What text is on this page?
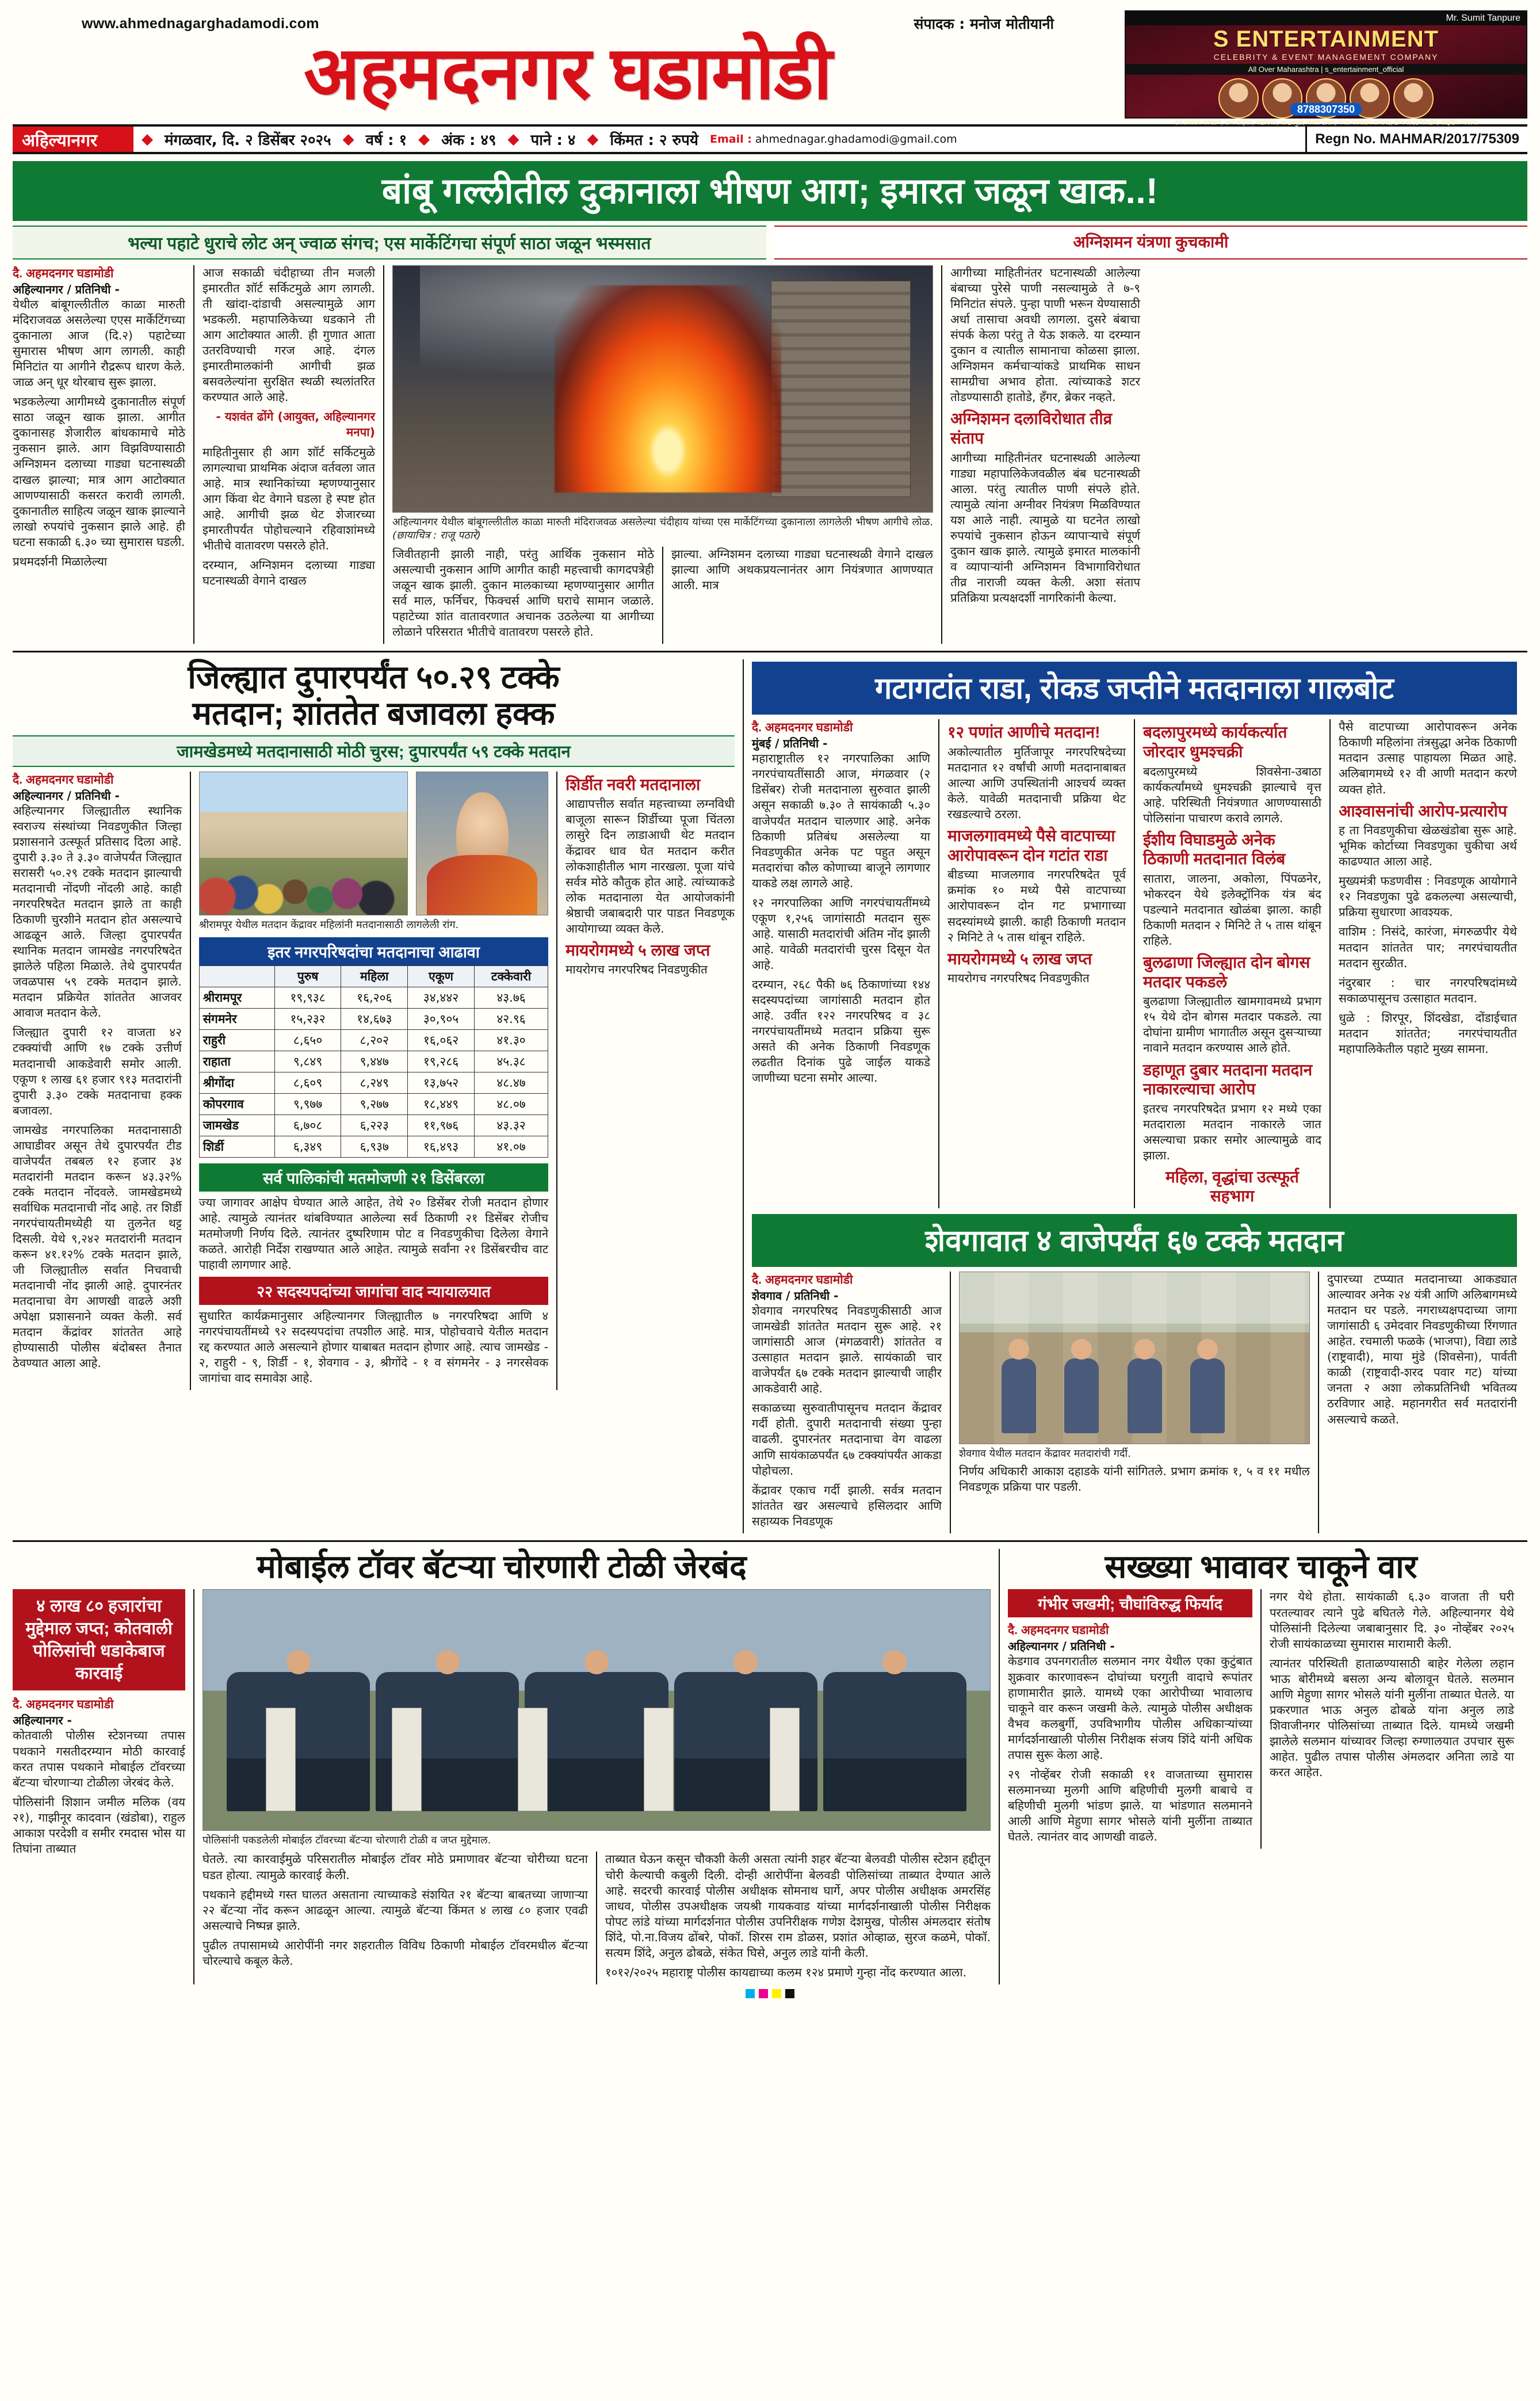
www.ahmednagarghadamodi.com	संपादक : मनोज मोतीयानी
अहमदनगर घडामोडी
Mr. Sumit Tanpure
S ENTERTAINMENT
CELEBRITY & EVENT MANAGEMENT COMPANY
All Over Maharashtra | s_entertainment_official
सर्व प्रकारचे कार्यक्रम, लग्न सोहळा, वाढदिवस, साखरपुडा, जयंती उत्सव, मंगल कार्यालय सजावट, डीजे साउंड सिस्टीम, लाईटिंग व्यवस्था
8788307350
अहिल्यानगर	◆ मंगळवार, दि. २ डिसेंबर २०२५ ◆ वर्ष : १ ◆ अंक : ४९ ◆ पाने : ४ ◆ किंमत : २ रुपये Email : ahmednagar.ghadamodi@gmail.com	Regn No. MAHMAR/2017/75309
बांबू गल्लीतील दुकानाला भीषण आग; इमारत जळून खाक..!
भल्या पहाटे धुराचे लोट अन् ज्वाळ संगच; एस मार्केटिंगचा संपूर्ण साठा जळून भस्मसात	अग्निशमन यंत्रणा कुचकामी
दै. अहमदनगर घडामोडी
अहिल्यानगर / प्रतिनिधी -

येथील बांबूगल्लीतील काळा मारुती मंदिराजवळ असलेल्या एएस मार्केटिंगच्या दुकानाला आज (दि.२) पहाटेच्या सुमारास भीषण आग लागली. काही मिनिटांत या आगीने रौद्ररूप धारण केले. जाळ अन् धूर थोरबाच सुरू झाला.

भडकलेल्या आगीमध्ये दुकानातील संपूर्ण साठा जळून खाक झाला. आगीत दुकानासह शेजारील बांधकामाचे मोठे नुकसान झाले. आग विझविण्यासाठी अग्निशमन दलाच्या गाड्या घटनास्थळी दाखल झाल्या; मात्र आग आटोक्यात आणण्यासाठी कसरत करावी लागली. दुकानातील साहित्य जळून खाक झाल्याने लाखो रुपयांचे नुकसान झाले आहे. ही घटना सकाळी ६.३० च्या सुमारास घडली.

प्रथमदर्शनी मिळालेल्या

आज सकाळी चंदीहाच्या तीन मजली इमारतीत शॉर्ट सर्किटमुळे आग लागली. ती खांदा-दांडाची असल्यामुळे आग भडकली. महापालिकेच्या धडकाने ती आग आटोक्यात आली. ही गुणात आता उतरविण्याची गरज आहे. दंगल इमारतीमालकांनी आगीची झळ बसवलेल्यांना सुरक्षित स्थळी स्थलांतरित करण्यात आले आहे.

- यशवंत ढोंगे (आयुक्त, अहिल्यानगर मनपा)

माहितीनुसार ही आग शॉर्ट सर्किटमुळे लागल्याचा प्राथमिक अंदाज वर्तवला जात आहे. मात्र स्थानिकांच्या म्हणण्यानुसार आग किंवा थेट वेगाने घडला हे स्पष्ट होत आहे. आगीची झळ थेट शेजारच्या इमारतीपर्यंत पोहोचल्याने रहिवाशांमध्ये भीतीचे वातावरण पसरले होते.

दरम्यान, अग्निशमन दलाच्या गाड्या घटनास्थळी वेगाने दाखल

अहिल्यानगर येथील बांबूगल्लीतील काळा मारुती मंदिराजवळ असलेल्या चंदीहाय यांच्या एस मार्केटिंगच्या दुकानाला लागलेली भीषण आगीचे लोळ. (छायाचित्र : राजू पठारे)

जिवीतहानी झाली नाही, परंतु आर्थिक नुकसान मोठे असल्याची नुकसान आणि आगीत काही महत्त्वाची कागदपत्रेही जळून खाक झाली. दुकान मालकाच्या म्हणण्यानुसार आगीत सर्व माल, फर्निचर, फिक्चर्स आणि घराचे सामान जळाले. पहाटेच्या शांत वातावरणात अचानक उठलेल्या या आगीच्या लोळाने परिसरात भीतीचे वातावरण पसरले होते.

झाल्या. अग्निशमन दलाच्या गाड्या घटनास्थळी वेगाने दाखल झाल्या आणि अथकप्रयत्नानंतर आग नियंत्रणात आणण्यात आली. मात्र

आगीच्या माहितीनंतर घटनास्थळी आलेल्या बंबाच्या पुरेसे पाणी नसल्यामुळे ते ७-९ मिनिटांत संपले. पुन्हा पाणी भरून येण्यासाठी अर्धा तासाचा अवधी लागला. दुसरे बंबाचा संपर्क केला परंतु ते येऊ शकले. या दरम्यान दुकान व त्यातील सामानाचा कोळसा झाला. अग्निशमन कर्मचाऱ्यांकडे प्राथमिक साधन सामग्रीचा अभाव होता. त्यांच्याकडे शटर तोडण्यासाठी हातोडे, हँगर, ब्रेकर नव्हते.

अग्निशमन दलाविरोधात तीव्र संताप

आगीच्या माहितीनंतर घटनास्थळी आलेल्या गाड्या महापालिकेजवळील बंब घटनास्थळी आला. परंतु त्यातील पाणी संपले होते. त्यामुळे त्यांना अग्नीवर नियंत्रण मिळविण्यात यश आले नाही. त्यामुळे या घटनेत लाखो रुपयांचे नुकसान होऊन व्यापाऱ्याचे संपूर्ण दुकान खाक झाले. त्यामुळे इमारत मालकांनी व व्यापाऱ्यांनी अग्निशमन विभागाविरोधात तीव्र नाराजी व्यक्त केली. अशा संताप प्रतिक्रिया प्रत्यक्षदर्शी नागरिकांनी केल्या.

जिल्ह्यात दुपारपर्यंत ५०.२९ टक्के
मतदान; शांततेत बजावला हक्क
जामखेडमध्ये मतदानासाठी मोठी चुरस; दुपारपर्यंत ५९ टक्के मतदान
दै. अहमदनगर घडामोडी
अहिल्यानगर / प्रतिनिधी -

अहिल्यानगर जिल्ह्यातील स्थानिक स्वराज्य संस्थांच्या निवडणुकीत जिल्हा प्रशासनाने उत्स्फूर्त प्रतिसाद दिला आहे. दुपारी ३.३० ते ३.३० वाजेपर्यंत जिल्ह्यात सरासरी ५०.२९ टक्के मतदान झाल्याची मतदानाची नोंदणी नोंदली आहे. काही नगरपरिषदेत मतदान झाले ता काही ठिकाणी चुरशीने मतदान होत असल्याचे आढळून आले. जिल्हा दुपारपर्यंत स्थानिक मतदान जामखेड नगरपरिषदेत झालेले पहिला मिळाले. तेथे दुपारपर्यंत जवळपास ५९ टक्के मतदान झाले. मतदान प्रक्रियेत शांततेत आजवर आवाज मतदान केले.

जिल्ह्यात दुपारी १२ वाजता ४२ टक्क्यांची आणि १७ टक्के उत्तीर्ण मतदानाची आकडेवारी समोर आली. एकूण १ लाख ६१ हजार ९१३ मतदारांनी दुपारी ३.३० टक्के मतदानाचा हक्क बजावला.

जामखेड नगरपालिका मतदानासाठी आघाडीवर असून तेथे दुपारपर्यंत टीड वाजेपर्यंत तबबल १२ हजार ३४ मतदारांनी मतदान करून ४३.३२% टक्के मतदान नोंदवले. जामखेडमध्ये सर्वाधिक मतदानाची नोंद आहे. तर शिर्डी नगरपंचायतीमध्येही या तुलनेत थट्ट दिसली. येथे ९,२४२ मतदारांनी मतदान करून ४१.१२% टक्के मतदान झाले, जी जिल्ह्यातील सर्वात निचवाची मतदानाची नोंद झाली आहे. दुपारनंतर मतदानाचा वेग आणखी वाढले अशी अपेक्षा प्रशासनाने व्यक्त केली. सर्व मतदान केंद्रांवर शांततेत आहे होण्यासाठी पोलीस बंदोबस्त तैनात ठेवण्यात आला आहे.

श्रीरामपूर येथील मतदान केंद्रावर महिलांनी मतदानासाठी लागलेली रांग.
इतर नगरपरिषदांचा मतदानाचा आढावा
	पुरुष	महिला	एकूण	टक्केवारी
श्रीरामपूर	१९,९३८	१६,२०६	३४,४४२	४३.७६
संगमनेर	१५,२३२	१४,६७३	३०,९०५	४२.९६
राहुरी	८,६५०	८,२०२	१६,०६२	४१.३०
राहाता	९,८४९	९,४४७	१९,२८६	४५.३८
श्रीगोंदा	८,६०९	८,२४९	१३,७५२	४८.४७
कोपरगाव	९,९७७	९,२७७	१८,४४९	४८.०७
जामखेड	६,७०८	६,२२३	११,९७६	४३.३२
शिर्डी	६,३४९	६,९३७	१६,४९३	४१.०७
सर्व पालिकांची मतमोजणी २१ डिसेंबरला

ज्या जागावर आक्षेप घेण्यात आले आहेत, तेथे २० डिसेंबर रोजी मतदान होणार आहे. त्यामुळे त्यानंतर थांबविण्यात आलेल्या सर्व ठिकाणी २१ डिसेंबर रोजीच मतमोजणी निर्णय दिले. त्यानंतर दुष्परिणाम पोट व निवडणुकीचा दिलेला वेगाने कळते. आरोही निर्देश राखण्यात आले आहेत. त्यामुळे सर्वांना २१ डिसेंबरचीच वाट पाहावी लागणार आहे.

२२ सदस्यपदांच्या जागांचा वाद न्यायालयात

सुधारित कार्यक्रमानुसार अहिल्यानगर जिल्ह्यातील ७ नगरपरिषदा आणि ४ नगरपंचायतींमध्ये ९२ सदस्यपदांचा तपशील आहे. मात्र, पोहोचवाचे येतील मतदान रद्द करण्यात आले असल्याने होणार याबाबत मतदान होणार आहे. त्याच जामखेड - २, राहुरी - ९, शिर्डी - १, शेवगाव - ३, श्रीगोंदे - १ व संगमनेर - ३ नगरसेवक जागांचा वाद समावेश आहे.

शिर्डीत नवरी मतदानाला

आद्यापत्तील सर्वात महत्त्वाच्या लग्नविधी बाजूला सारून शिर्डीच्या पूजा चिंतला लासुरे दिन लाडाआधी थेट मतदान केंद्रावर धाव घेत मतदान करीत लोकशाहीतील भाग नारखला. पूजा यांचे सर्वत्र मोठे कौतुक होत आहे. त्यांच्याकडे लोक मतदानाला येत आयोजकांनी श्रेष्ठाची जबाबदारी पार पाडत निवडणूक आयोगाच्या व्यक्त केले.

मायरोगमध्ये ५ लाख जप्त

मायरोगच नगरपरिषद निवडणुकीत

गटागटांत राडा, रोकड जप्तीने मतदानाला गालबोट
दै. अहमदनगर घडामोडी
मुंबई / प्रतिनिधी -

महाराष्ट्रातील १२ नगरपालिका आणि नगरपंचायतींसाठी आज, मंगळवार (२ डिसेंबर) रोजी मतदानाला सुरुवात झाली असून सकाळी ७.३० ते सायंकाळी ५.३० वाजेपर्यंत मतदान चालणार आहे. अनेक ठिकाणी प्रतिबंध असलेल्या या निवडणुकीत अनेक पट पहुत असून मतदारांचा कौल कोणाच्या बाजूने लागणार याकडे लक्ष लागले आहे.

१२ नगरपालिका आणि नगरपंचायतींमध्ये एकूण १,२५६ जागांसाठी मतदान सुरू आहे. यासाठी मतदारांची अंतिम नोंद झाली आहे. यावेळी मतदारांची चुरस दिसून येत आहे.

दरम्यान, २६८ पैकी ७६ ठिकाणांच्या १४४ सदस्यपदांच्या जागांसाठी मतदान होत आहे. उर्वीत १२२ नगरपरिषद व ३८ नगरपंचायतींमध्ये मतदान प्रक्रिया सुरू असते की अनेक ठिकाणी निवडणूक लढतीत दिनांक पुढे जाईल याकडे जाणीच्या घटना समोर आल्या.

१२ पणांत आणीचे मतदान!

अकोल्यातील मुर्तिजापूर नगरपरिषदेच्या मतदानात १२ वर्षांची आणी मतदानाबाबत आल्या आणि उपस्थितांनी आश्चर्य व्यक्त केले. यावेळी मतदानाची प्रक्रिया थेट रखडल्याचे ठरला.

माजलगावमध्ये पैसे वाटपाच्या आरोपावरून दोन गटांत राडा

बीडच्या माजलगाव नगरपरिषदेत पूर्व क्रमांक १० मध्ये पैसे वाटपाच्या आरोपावरून दोन गट प्रभागाच्या सदस्यांमध्ये झाली. काही ठिकाणी मतदान २ मिनिटे ते ५ तास थांबून राहिले.

मायरोगमध्ये ५ लाख जप्त

मायरोगच नगरपरिषद निवडणुकीत

बदलापुरमध्ये कार्यकर्त्यात जोरदार धुमश्चक्री

बदलापुरमध्ये शिवसेना-उबाठा कार्यकर्त्यांमध्ये धुमश्चक्री झाल्याचे वृत्त आहे. परिस्थिती नियंत्रणात आणण्यासाठी पोलिसांना पाचारण करावे लागले.

ईशीय विघाडमुळे अनेक ठिकाणी मतदानात विलंब

सातारा, जालना, अकोला, पिंपळनेर, भोकरदन येथे इलेक्ट्रॉनिक यंत्र बंद पडल्याने मतदानात खोळंबा झाला. काही ठिकाणी मतदान २ मिनिटे ते ५ तास थांबून राहिले.

बुलढाणा जिल्ह्यात दोन बोगस मतदार पकडले

बुलढाणा जिल्ह्यातील खामगावमध्ये प्रभाग १५ येथे दोन बोगस मतदार पकडले. त्या दोघांना ग्रामीण भागातील असून दुसऱ्याच्या नावाने मतदान करण्यास आले होते.

डहाणूत दुबार मतदाना मतदान नाकारल्याचा आरोप

इतरच नगरपरिषदेत प्रभाग १२ मध्ये एका मतदाराला मतदान नाकारले जात असल्याचा प्रकार समोर आल्यामुळे वाद झाला.

महिला, वृद्धांचा उत्स्फूर्त सहभाग

पैसे वाटपाच्या आरोपावरून अनेक ठिकाणी महिलांना तंत्रसुद्धा अनेक ठिकाणी मतदान उत्साह पाहायला मिळत आहे. अलिबागमध्ये १२ वी आणी मतदान करणे व्यक्त होते.

आश्वासनांची आरोप-प्रत्यारोप

ह ता निवडणुकीचा खेळखंडोबा सुरू आहे. भूमिक कोर्टाच्या निवडणुका चुकीचा अर्थ काढण्यात आला आहे.

मुख्यमंत्री फडणवीस : निवडणूक आयोगाने १२ निवडणुका पुढे ढकलल्या असल्याची, प्रक्रिया सुधारणा आवश्यक.

वाशिम : निसंदे, कारंजा, मंगरुळपीर येथे मतदान शांततेत पार; नगरपंचायतीत मतदान सुरळीत.

नंदुरबार : चार नगरपरिषदांमध्ये सकाळपासूनच उत्साहात मतदान.

धुळे : शिरपूर, शिंदखेडा, दोंडाईचात मतदान शांततेत; नगरपंचायतीत महापालिकेतील पहाटे मुख्य सामना.

शेवगावात ४ वाजेपर्यंत ६७ टक्के मतदान
दै. अहमदनगर घडामोडी
शेवगाव / प्रतिनिधी -

शेवगाव नगरपरिषद निवडणुकीसाठी आज जामखेडी शांततेत मतदान सुरू आहे. २१ जागांसाठी आज (मंगळवारी) शांततेत व उत्साहात मतदान झाले. सायंकाळी चार वाजेपर्यंत ६७ टक्के मतदान झाल्याची जाहीर आकडेवारी आहे.

सकाळच्या सुरुवातीपासूनच मतदान केंद्रावर गर्दी होती. दुपारी मतदानाची संख्या पुन्हा वाढली. दुपारनंतर मतदानाचा वेग वाढला आणि सायंकाळपर्यंत ६७ टक्क्यांपर्यंत आकडा पोहोचला.

केंद्रावर एकाच गर्दी झाली. सर्वत्र मतदान शांततेत खर असल्याचे हसिलदार आणि सहाय्यक निवडणूक

शेवगाव येथील मतदान केंद्रावर मतदारांची गर्दी.

निर्णय अधिकारी आकाश दहाडके यांनी सांगितले. प्रभाग क्रमांक १, ५ व ११ मधील निवडणूक प्रक्रिया पार पडली.

दुपारच्या टप्प्यात मतदानाच्या आकड्यात आल्यावर अनेक २४ यंत्री आणि अलिबागमध्ये मतदान घर पडले. नगराध्यक्षपदाच्या जागा जागांसाठी ६ उमेदवार निवडणुकीच्या रिंगणात आहेत. रचमाली फळके (भाजपा), विद्या लाडे (राष्ट्रवादी), माया मुंडे (शिवसेना), पार्वती काळी (राष्ट्रवादी-शरद पवार गट) यांच्या जनता २ अशा लोकप्रतिनिधी भवितव्य ठरविणार आहे. महानगरीत सर्व मतदारांनी असल्याचे कळते.

मोबाईल टॉवर बॅटऱ्या चोरणारी टोळी जेरबंद
४ लाख ८० हजारांचा मुद्देमाल जप्त; कोतवाली पोलिसांची धडाकेबाज कारवाई
दै. अहमदनगर घडामोडी
अहिल्यानगर -

कोतवाली पोलीस स्टेशनच्या तपास पथकाने गसतीदरम्यान मोठी कारवाई करत तपास पथकाने मोबाईल टॉवरच्या बॅटऱ्या चोरणाऱ्या टोळीला जेरबंद केले.

पोलिसांनी शिशान जमील मलिक (वय २१), गाझीनूर कादवान (खंडोबा), राहुल आकाश परदेशी व समीर रमदास भोस या तिघांना ताब्यात

पोलिसांनी पकडलेली मोबाईल टॉवरच्या बॅटऱ्या चोरणारी टोळी व जप्त मुद्देमाल.

घेतले. त्या कारवाईमुळे परिसरातील मोबाईल टॉवर मोठे प्रमाणावर बॅटऱ्या चोरीच्या घटना घडत होत्या. त्यामुळे कारवाई केली.

पथकाने हद्दीमध्ये गस्त घालत असताना त्याच्याकडे संशयित २१ बॅटऱ्या बाबतच्या जाणाऱ्या २२ बॅटऱ्या नोंद करून आढळून आल्या. त्यामुळे बॅटऱ्या किंमत ४ लाख ८० हजार एवढी असल्याचे निष्पन्न झाले.

पुढील तपासामध्ये आरोपींनी नगर शहरातील विविध ठिकाणी मोबाईल टॉवरमधील बॅटऱ्या चोरल्याचे कबूल केले.

ताब्यात घेऊन कसून चौकशी केली असता त्यांनी शहर बॅटऱ्या बेलवडी पोलीस स्टेशन हद्दीतून चोरी केल्याची कबुली दिली. दोन्ही आरोपींना बेलवडी पोलिसांच्या ताब्यात देण्यात आले आहे. सदरची कारवाई पोलीस अधीक्षक सोमनाथ घार्गे, अपर पोलीस अधीक्षक अमरसिंह जाधव, पोलीस उपअधीक्षक जयश्री गायकवाड यांच्या मार्गदर्शनाखाली पोलीस निरीक्षक पोपट लांडे यांच्या मार्गदर्शनात पोलीस उपनिरीक्षक गणेश देशमुख, पोलीस अंमलदार संतोष शिंदे, पो.ना.विजय ढोंबरे, पोकॉ. शिरस राम डोळस, प्रशांत ओव्हाळ, सुरज कळमे, पोकॉ. सत्यम शिंदे, अनुल ढोबळे, संकेत घिसे, अनुल लाडे यांनी केली.

१०१२/२०२५ महाराष्ट्र पोलीस कायद्याच्या कलम १२४ प्रमाणे गुन्हा नोंद करण्यात आला.

सख्ख्या भावावर चाकूने वार
गंभीर जखमी; चौघांविरुद्ध फिर्याद
दै. अहमदनगर घडामोडी
अहिल्यानगर / प्रतिनिधी -

केडगाव उपनगरातील सलमान नगर येथील एका कुटुंबात शुक्रवार कारणावरून दोघांच्या घरगुती वादाचे रूपांतर हाणामारीत झाले. यामध्ये एका आरोपीच्या भावालाच चाकूने वार करून जखमी केले. त्यामुळे पोलीस अधीक्षक वैभव कलबुर्गी, उपविभागीय पोलीस अधिकाऱ्यांच्या मार्गदर्शनाखाली पोलीस निरीक्षक संजय शिंदे यांनी अधिक तपास सुरू केला आहे.

२९ नोव्हेंबर रोजी सकाळी ११ वाजताच्या सुमारास सलमानच्या मुलगी आणि बहिणीची मुलगी बाबाचे व बहिणीची मुलगी भांडण झाले. या भांडणात सलमानने आली आणि मेहुणा सागर भोसले यांनी मुलींना ताब्यात घेतले. त्यानंतर वाद आणखी वाढले.

नगर येथे होता. सायंकाळी ६.३० वाजता ती घरी परतल्यावर त्याने पुढे बघितले गेले. अहिल्यानगर येथे पोलिसांनी दिलेल्या जबाबानुसार दि. ३० नोव्हेंबर २०२५ रोजी सायंकाळच्या सुमारास मारामारी केली.

त्यानंतर परिस्थिती हाताळण्यासाठी बाहेर गेलेला लहान भाऊ बोरीमध्ये बसला अन्य बोलावून घेतले. सलमान आणि मेहुणा सागर भोसले यांनी मुलींना ताब्यात घेतले. या प्रकरणात भाऊ अनुल ढोबळे यांना अनुल लाडे शिवाजीनगर पोलिसांच्या ताब्यात दिले. यामध्ये जखमी झालेले सलमान यांच्यावर जिल्हा रुग्णालयात उपचार सुरू आहेत. पुढील तपास पोलीस अंमलदार अनिता लाडे या करत आहेत.
